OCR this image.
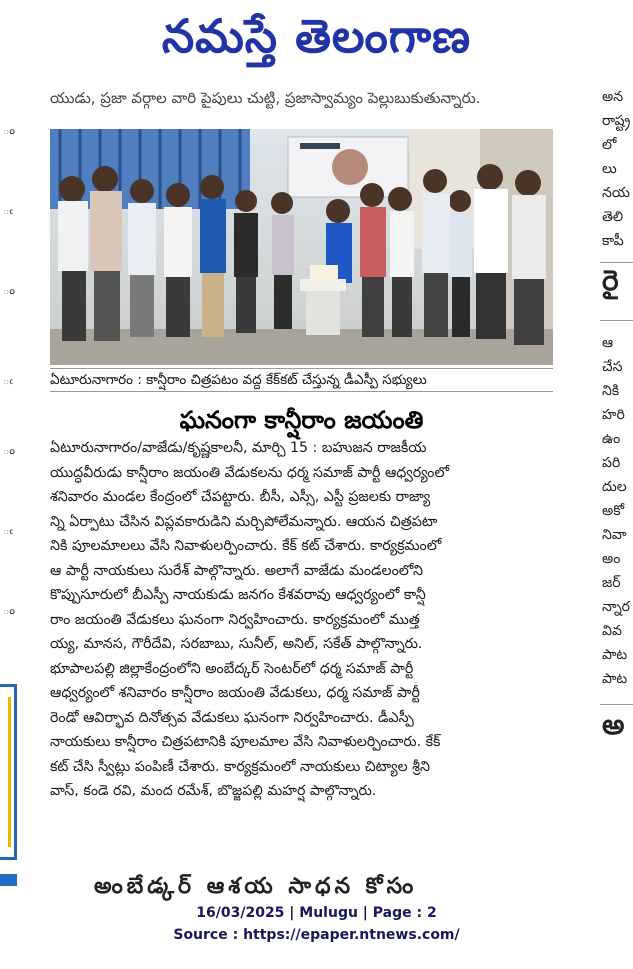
నమస్తే తెలంగాణ
ం
ఁ
ం
ఁ
ం
ఁ
ం
యుడు, ప్రజా వర్గాల వారి పైపులు చుట్టి, ప్రజాస్వామ్యం పెల్లుబుకుతున్నారు.
ఏటూరునాగారం : కాన్షీరాం చిత్రపటం వద్ద కేక్‌కట్ చేస్తున్న డీఎస్పీ సభ్యులు
ఘనంగా కాన్షీరాం జయంతి
ఏటూరునాగారం/వాజేడు/కృష్ణకాలనీ, మార్చి 15 : బహుజన రాజకీయ
యుద్ధవీరుడు కాన్షీరాం జయంతి వేడుకలను ధర్మ సమాజ్ పార్టీ ఆధ్వర్యంలో
శనివారం మండల కేంద్రంలో చేపట్టారు. బీసీ, ఎస్సీ, ఎస్టీ ప్రజలకు రాజ్యా
న్ని ఏర్పాటు చేసిన విప్లవకారుడిని మర్చిపోలేమన్నారు. ఆయన చిత్రపటా
నికి పూలమాలలు వేసి నివాళులర్పించారు. కేక్ కట్ చేశారు. కార్యక్రమంలో
ఆ పార్టీ నాయకులు సురేశ్ పాల్గొన్నారు. అలాగే వాజేడు మండలంలోని
కొప్పుసూరులో బీఎస్పీ నాయకుడు జనగం కేశవరావు ఆధ్వర్యంలో కాన్షీ
రాం జయంతి వేడుకలు ఘనంగా నిర్వహించారు. కార్యక్రమంలో ముత్త
య్య, మానస, గౌరీదేవి, సరబాబు, సునీల్, అనిల్, సకేత్ పాల్గొన్నారు.
భూపాలపల్లి జిల్లాకేంద్రంలోని అంబేద్కర్ సెంటర్‌లో ధర్మ సమాజ్ పార్టీ
ఆధ్వర్యంలో శనివారం కాన్షీరాం జయంతి వేడుకలు, ధర్మ సమాజ్ పార్టీ
రెండో ఆవిర్భావ దినోత్సవ వేడుకలు ఘనంగా నిర్వహించారు. డీఎస్పీ
నాయకులు కాన్షీరాం చిత్రపటానికి పూలమాల వేసి నివాళులర్పించారు. కేక్
కట్ చేసి స్వీట్లు పంపిణీ చేశారు. కార్యక్రమంలో నాయకులు చిట్యాల శ్రీని
వాస్, కండె రవి, మంద రమేశ్, బొజ్జపల్లి మహర్ష పాల్గొన్నారు.
అంబేడ్కర్ ఆశయ సాధన కోసం
అన
రాష్ట్ర
లో
లు
నయ
తెలి
కాపీ
రై
ఆ
చేస
నికి
హరి
ఉం
పరి
దుల
అకో
నివా
అం
జర్
న్నార
వివ
పాట
పాట
అ
16/03/2025 | Mulugu | Page : 2
Source : https://epaper.ntnews.com/
